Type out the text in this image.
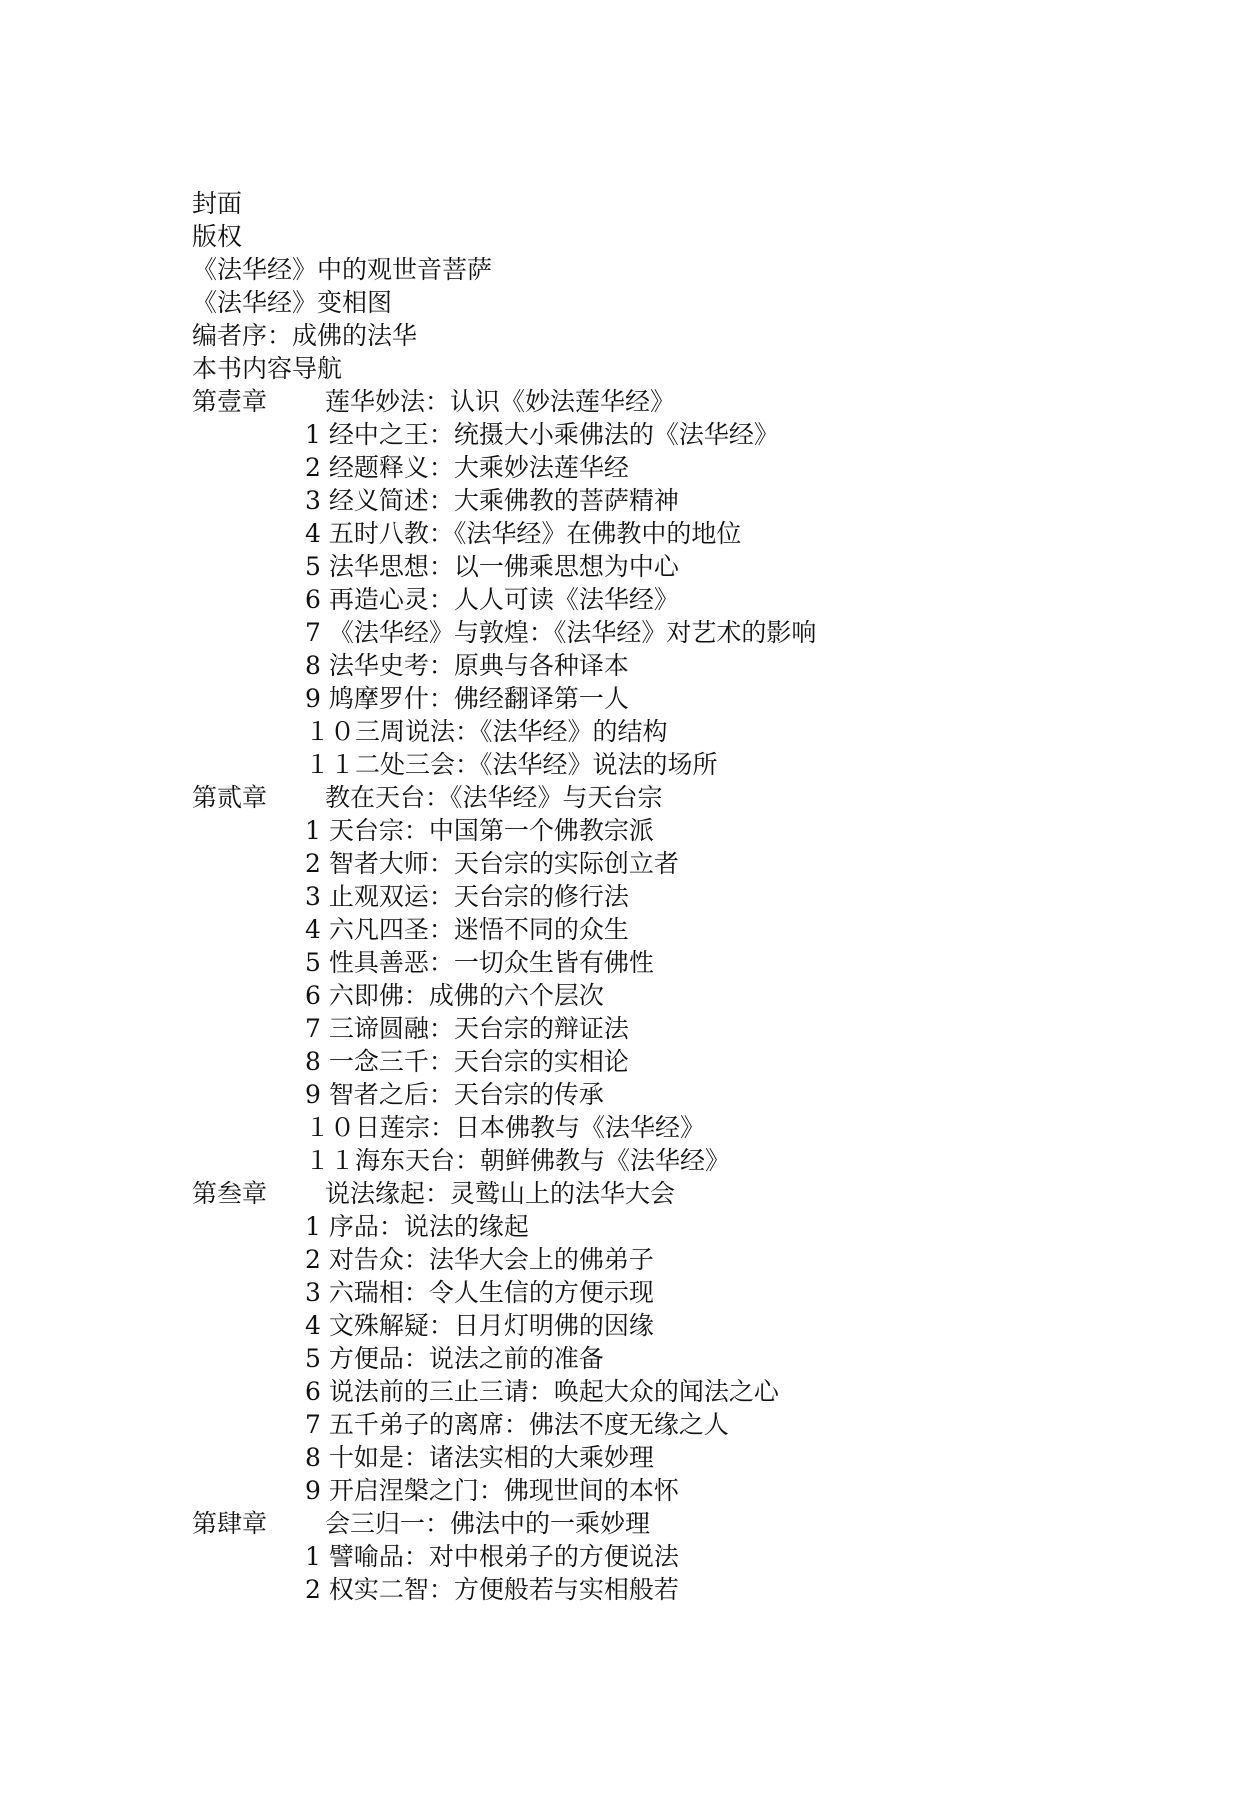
封面
版权
《法华经》中的观世音菩萨
《法华经》变相图
编者序：成佛的法华
本书内容导航
第壹章 莲华妙法：认识《妙法莲华经》
1 经中之王：统摄大小乘佛法的《法华经》
2 经题释义：大乘妙法莲华经
3 经义简述：大乘佛教的菩萨精神
4 五时八教：《法华经》在佛教中的地位
5 法华思想：以一佛乘思想为中心
6 再造心灵：人人可读《法华经》
7 《法华经》与敦煌：《法华经》对艺术的影响
8 法华史考：原典与各种译本
9 鸠摩罗什：佛经翻译第一人
１０三周说法：《法华经》的结构
１１二处三会：《法华经》说法的场所
第贰章 教在天台：《法华经》与天台宗
1 天台宗：中国第一个佛教宗派
2 智者大师：天台宗的实际创立者
3 止观双运：天台宗的修行法
4 六凡四圣：迷悟不同的众生
5 性具善恶：一切众生皆有佛性
6 六即佛：成佛的六个层次
7 三谛圆融：天台宗的辩证法
8 一念三千：天台宗的实相论
9 智者之后：天台宗的传承
１０日莲宗：日本佛教与《法华经》
１１海东天台：朝鲜佛教与《法华经》
第叁章 说法缘起：灵鹫山上的法华大会
1 序品：说法的缘起
2 对告众：法华大会上的佛弟子
3 六瑞相：令人生信的方便示现
4 文殊解疑：日月灯明佛的因缘
5 方便品：说法之前的准备
6 说法前的三止三请：唤起大众的闻法之心
7 五千弟子的离席：佛法不度无缘之人
8 十如是：诸法实相的大乘妙理
9 开启涅槃之门：佛现世间的本怀
第肆章 会三归一：佛法中的一乘妙理
1 譬喻品：对中根弟子的方便说法
2 权实二智：方便般若与实相般若
